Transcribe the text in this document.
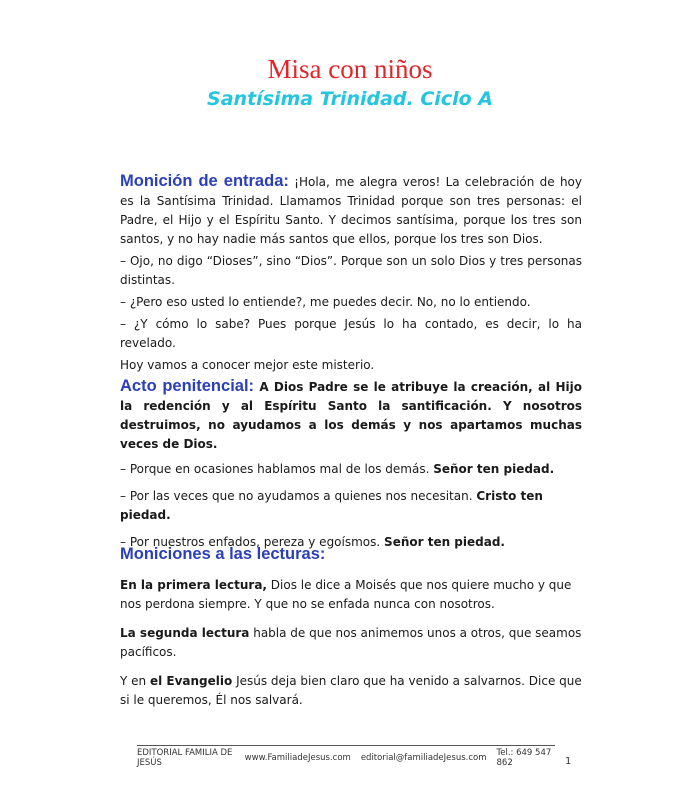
Misa con niños
Santísima Trinidad. Ciclo A

Monición de entrada: ¡Hola, me alegra veros! La celebración de hoy es la Santísima Trinidad. Llamamos Trinidad porque son tres personas: el Padre, el Hijo y el Espíritu Santo. Y decimos santísima, porque los tres son santos, y no hay nadie más santos que ellos, porque los tres son Dios.

– Ojo, no digo “Dioses”, sino “Dios”. Porque son un solo Dios y tres personas distintas.

– ¿Pero eso usted lo entiende?, me puedes decir. No, no lo entiendo.

– ¿Y cómo lo sabe? Pues porque Jesús lo ha contado, es decir, lo ha revelado.

Hoy vamos a conocer mejor este misterio.

Acto penitencial: A Dios Padre se le atribuye la creación, al Hijo la redención y al Espíritu Santo la santificación. Y nosotros destruimos, no ayudamos a los demás y nos apartamos muchas veces de Dios.

– Porque en ocasiones hablamos mal de los demás. Señor ten piedad.

– Por las veces que no ayudamos a quienes nos necesitan. Cristo ten piedad.

– Por nuestros enfados, pereza y egoísmos. Señor ten piedad.

Moniciones a las lecturas:

En la primera lectura, Dios le dice a Moisés que nos quiere mucho y que nos perdona siempre. Y que no se enfada nunca con nosotros.

La segunda lectura habla de que nos animemos unos a otros, que seamos pacíficos.

Y en el Evangelio Jesús deja bien claro que ha venido a salvarnos. Dice que si le queremos, Él nos salvará.

EDITORIAL FAMILIA DE JESÚS	www.FamiliadeJesus.com editorial@familiadeJesus.com Tel.: 649 547 862	1
